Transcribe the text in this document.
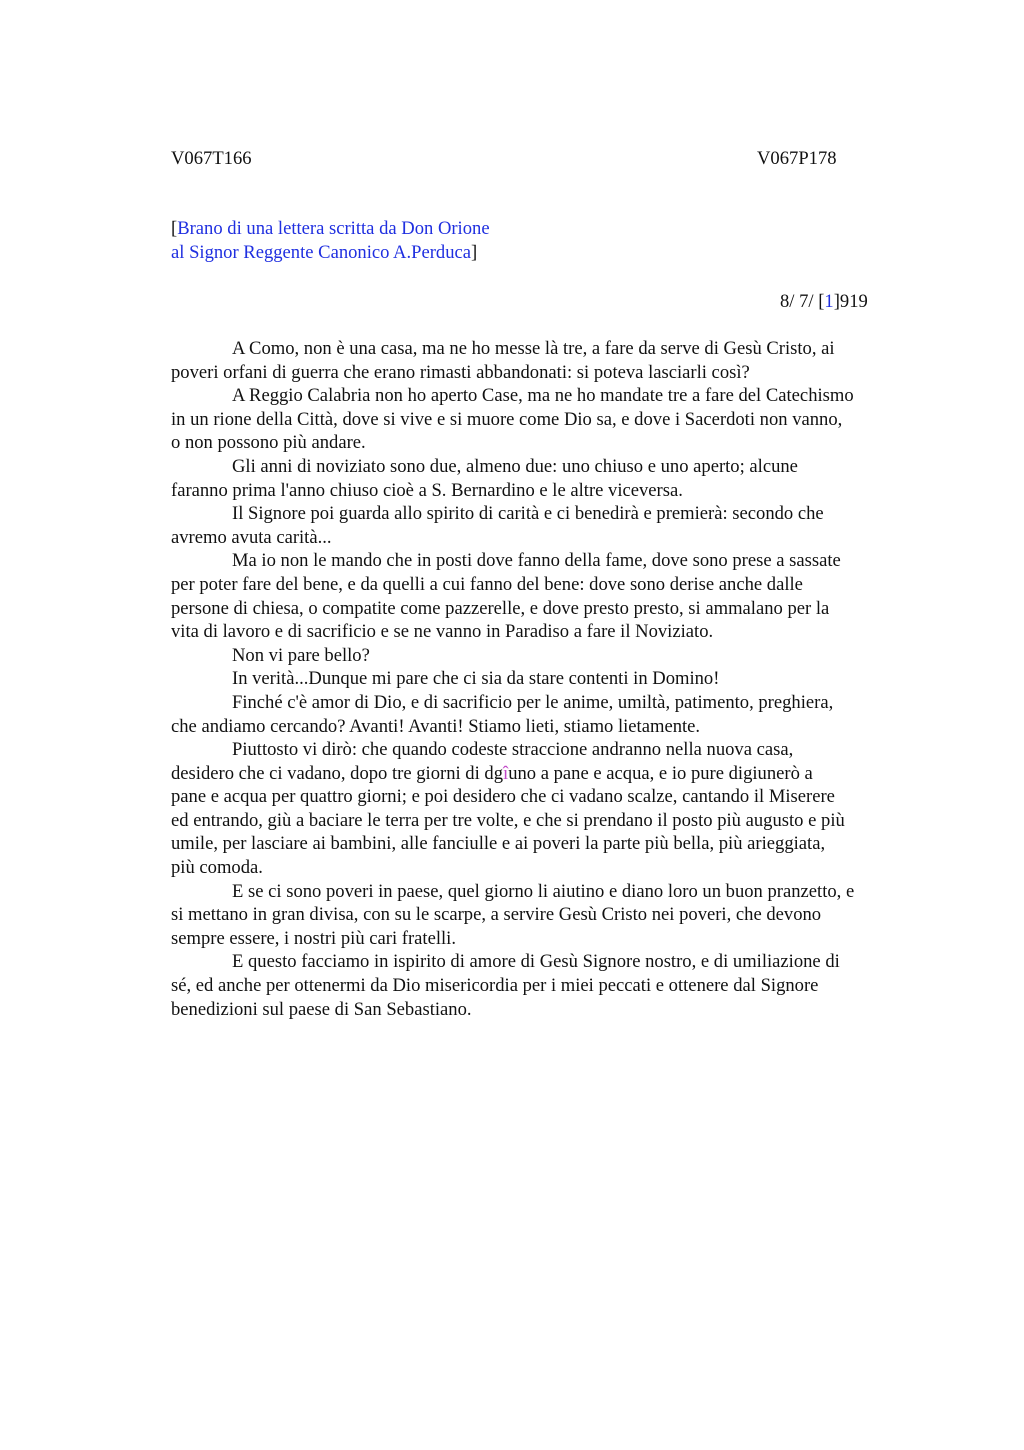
V067T166	V067P178
[Brano di una lettera scritta da Don Orione
al Signor Reggente Canonico A.Perduca]
8/ 7/ [1]919
A Como, non è una casa, ma ne ho messe là tre, a fare da serve di Gesù Cristo, ai
poveri orfani di guerra che erano rimasti abbandonati: si poteva lasciarli così?
A Reggio Calabria non ho aperto Case, ma ne ho mandate tre a fare del Catechismo
in un rione della Città, dove si vive e si muore come Dio sa, e dove i Sacerdoti non vanno,
o non possono più andare.
Gli anni di noviziato sono due, almeno due: uno chiuso e uno aperto; alcune
faranno prima l'anno chiuso cioè a S. Bernardino e le altre viceversa.
Il Signore poi guarda allo spirito di carità e ci benedirà e premierà: secondo che
avremo avuta carità...
Ma io non le mando che in posti dove fanno della fame, dove sono prese a sassate
per poter fare del bene, e da quelli a cui fanno del bene: dove sono derise anche dalle
persone di chiesa, o compatite come pazzerelle, e dove presto presto, si ammalano per la
vita di lavoro e di sacrificio e se ne vanno in Paradiso a fare il Noviziato.
Non vi pare bello?
In verità...Dunque mi pare che ci sia da stare contenti in Domino!
Finché c'è amor di Dio, e di sacrificio per le anime, umiltà, patimento, preghiera,
che andiamo cercando? Avanti! Avanti! Stiamo lieti, stiamo lietamente.
Piuttosto vi dirò: che quando codeste straccione andranno nella nuova casa,
desidero che ci vadano, dopo tre giorni di dgîuno a pane e acqua, e io pure digiunerò a
pane e acqua per quattro giorni; e poi desidero che ci vadano scalze, cantando il Miserere
ed entrando, giù a baciare le terra per tre volte, e che si prendano il posto più augusto e più
umile, per lasciare ai bambini, alle fanciulle e ai poveri la parte più bella, più arieggiata,
più comoda.
E se ci sono poveri in paese, quel giorno li aiutino e diano loro un buon pranzetto, e
si mettano in gran divisa, con su le scarpe, a servire Gesù Cristo nei poveri, che devono
sempre essere, i nostri più cari fratelli.
E questo facciamo in ispirito di amore di Gesù Signore nostro, e di umiliazione di
sé, ed anche per ottenermi da Dio misericordia per i miei peccati e ottenere dal Signore
benedizioni sul paese di San Sebastiano.
